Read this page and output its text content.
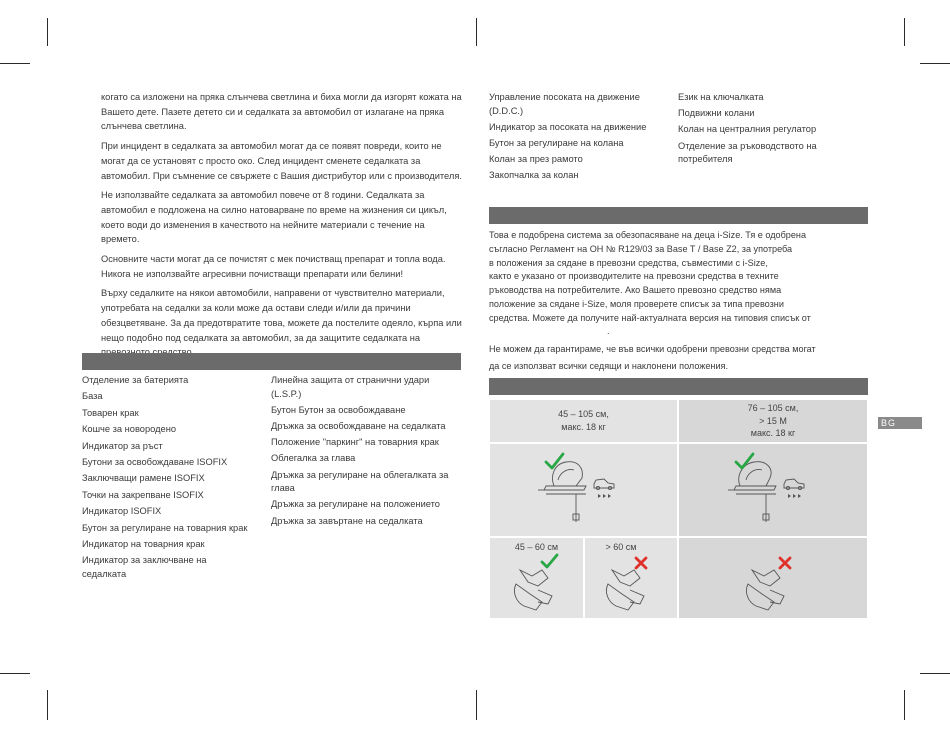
когато са изложени на пряка слънчева светлина и биха могли да изгорят кожата на Вашето дете. Пазете детето си и седалката за автомобил от излагане на пряка слънчева светлина.

При инцидент в седалката за автомобил могат да се появят повреди, които не могат да се установят с просто око. След инцидент сменете седалката за автомобил. При съмнение се свържете с Вашия дистрибутор или с производителя.

Не използвайте седалката за автомобил повече от 8 години. Седалката за автомобил е подложена на силно натоварване по време на жизнения си цикъл, което води до изменения в качеството на нейните материали с течение на времето.

Основните части могат да се почистят с мек почистващ препарат и топла вода. Никога не използвайте агресивни почистващи препарати или белини!

Върху седалките на някои автомобили, направени от чувствително материали, употребата на седалки за коли може да остави следи и/или да причини обезцветяване. За да предотвратите това, можете да постелите одеяло, кърпа или нещо подобно под седалката за автомобил, за да защитите седалката на

Отделение за батерията
База
Товарен крак
Кошче за новородено
Индикатор за ръст
Бутони за освобождаване ISOFIX
Заключващи рамене ISOFIX
Точки на закрепване ISOFIX
Индикатор ISOFIX
Бутон за регулиране на товарния крак
Индикатор на товарния крак
Индикатор за заключване на седалката
Линейна защита от странични удари (L.S.P.)
Бутон Бутон за освобождаване
Дръжка за освобождаване на седалката
Положение "паркинг" на товарния крак
Облегалка за глава
Дръжка за регулиране на облегалката за глава
Дръжка за регулиране на положението
Дръжка за завъртане на седалката
Управление посоката на движение (D.D.C.)
Индикатор за посоката на движение
Бутон за регулиране на колана
Колан за през рамото
Закопчалка за колан
Език на ключалката
Подвижни колани
Колан на централния регулатор
Отделение за ръководството на потребителя
Това е подобрена система за обезопасяване на деца i-Size. Тя е одобрена
съгласно Регламент на ОН № R129/03 за Base T / Base Z2, за употреба
в положения за сядане в превозни средства, съвместими с i-Size,
както е указано от производителите на превозни средства в техните
ръководства на потребителите. Ако Вашето превозно средство няма
положение за сядане i-Size, моля проверете списък за типа превозни
средства. Можете да получите най-актуалната версия на типовия списък от
.
Не можем да гарантираме, че във всички одобрени превозни средства могат
да се използват всички седящи и наклонени положения.
BG
45 – 105 см,
макс. 18 кг
76 – 105 см,
> 15 М
макс. 18 кг
45 – 60 см	> 60 см
